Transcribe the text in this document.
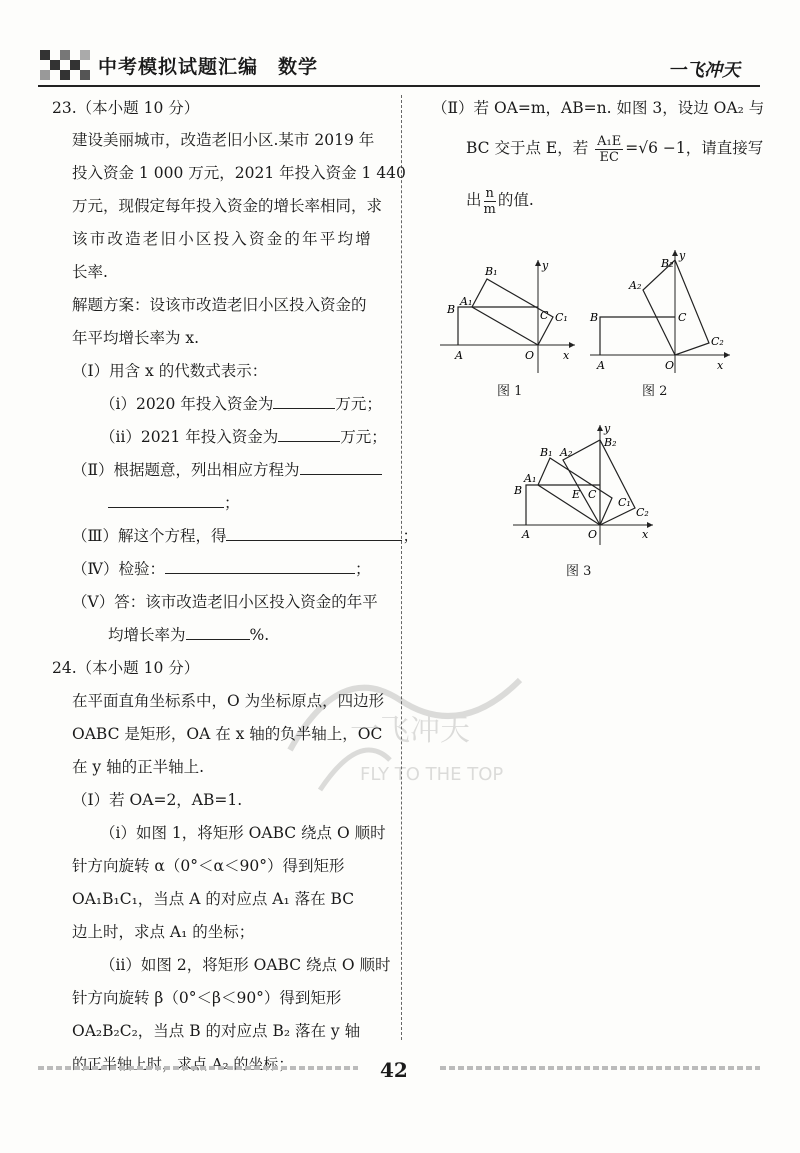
中考模拟试题汇编　数学	一飞冲天
一飞冲天
FLY TO THE TOP
23.（本小题 10 分）
建设美丽城市，改造老旧小区.某市 2019 年
投入资金 1 000 万元，2021 年投入资金 1 440
万元，现假定每年投入资金的增长率相同，求
该市改造老旧小区投入资金的年平均增
长率.
解题方案：设该市改造老旧小区投入资金的
年平均增长率为 x.
（Ⅰ）用含 x 的代数式表示：
（ⅰ）2020 年投入资金为	万元；
（ⅱ）2021 年投入资金为	万元；
（Ⅱ）根据题意，列出相应方程为
；
（Ⅲ）解这个方程，得	；
（Ⅳ）检验：	；
（Ⅴ）答：该市改造老旧小区投入资金的年平
均增长率为	%.
24.（本小题 10 分）
在平面直角坐标系中，O 为坐标原点，四边形
OABC 是矩形，OA 在 x 轴的负半轴上，OC
在 y 轴的正半轴上.
（Ⅰ）若 OA=2，AB=1.
（ⅰ）如图 1，将矩形 OABC 绕点 O 顺时
针方向旋转 α（0°＜α＜90°）得到矩形
OA₁B₁C₁，当点 A 的对应点 A₁ 落在 BC
边上时，求点 A₁ 的坐标；
（ⅱ）如图 2，将矩形 OABC 绕点 O 顺时
针方向旋转 β（0°＜β＜90°）得到矩形
OA₂B₂C₂，当点 B 的对应点 B₂ 落在 y 轴
的正半轴上时，求点 A₂ 的坐标；
（Ⅱ）若 OA=m，AB=n. 如图 3，设边 OA₂ 与
BC 交于点 E，若 $\frac{\text{A₁E}}{EC} =√6 -1$，请直接写
出 $\frac{n}{m}$ 的值.
B₁
A₁
B	C C₁
A	O	x
y
图 1
B₂
A₂
B	C
C₂
A	O	x
y
图 2
B₁ A₂
B₂
A₁
B	E C
C₁
C₂
A	O	x
y
图 3
42
